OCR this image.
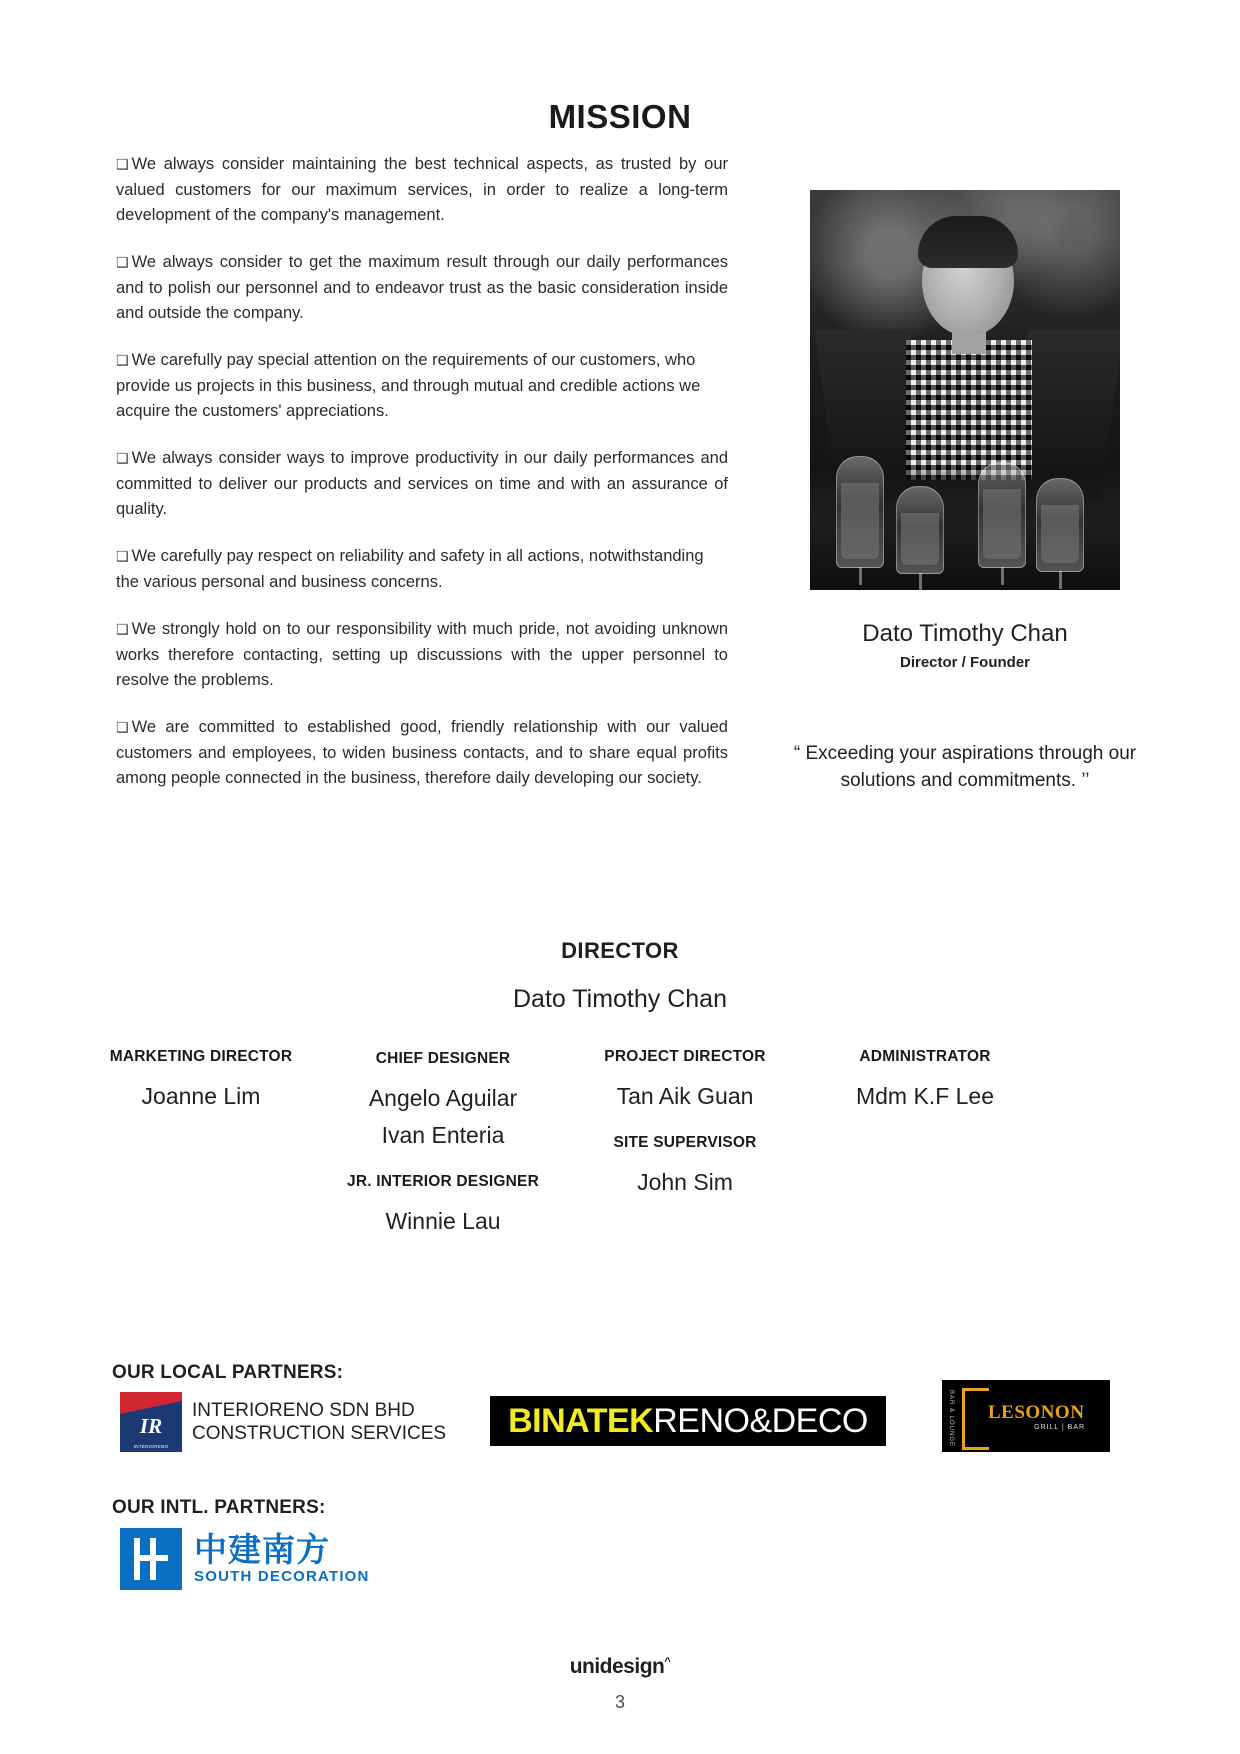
MISSION

❑ We always consider maintaining the best technical aspects, as trusted by our valued customers for our maximum services, in order to realize a long-term development of the company's management.

❑ We always consider to get the maximum result through our daily performances and to polish our personnel and to endeavor trust as the basic consideration inside and outside the company.

❑ We carefully pay special attention on the requirements of our customers, who provide us projects in this business, and through mutual and credible actions we acquire the customers' appreciations.

❑ We always consider ways to improve productivity in our daily performances and committed to deliver our products and services on time and with an assurance of quality.

❑ We carefully pay respect on reliability and safety in all actions, notwithstanding the various personal and business concerns.

❑ We strongly hold on to our responsibility with much pride, not avoiding unknown works therefore contacting, setting up discussions with the upper personnel to resolve the problems.

❑ We are committed to established good, friendly relationship with our valued customers and employees, to widen business contacts, and to share equal profits among people connected in the business, therefore daily developing our society.

Dato Timothy Chan
Director / Founder
“ Exceeding your aspirations through our solutions and commitments. ’’
DIRECTOR
Dato Timothy Chan
MARKETING DIRECTOR
Joanne Lim
CHIEF DESIGNER
Angelo Aguilar
Ivan Enteria
JR. INTERIOR DESIGNER
Winnie Lau
PROJECT DIRECTOR
Tan Aik Guan
SITE SUPERVISOR
John Sim
ADMINISTRATOR
Mdm K.F Lee
OUR LOCAL PARTNERS:
IR
INTERIORENO
INTERIORENO SDN BHD
CONSTRUCTION SERVICES BINATEK RENO&DECO	LESONON
GRILL | BAR
BAR & LOUNGE
OUR INTL. PARTNERS:
中建南方
SOUTH DECORATION
unidesign^
3
